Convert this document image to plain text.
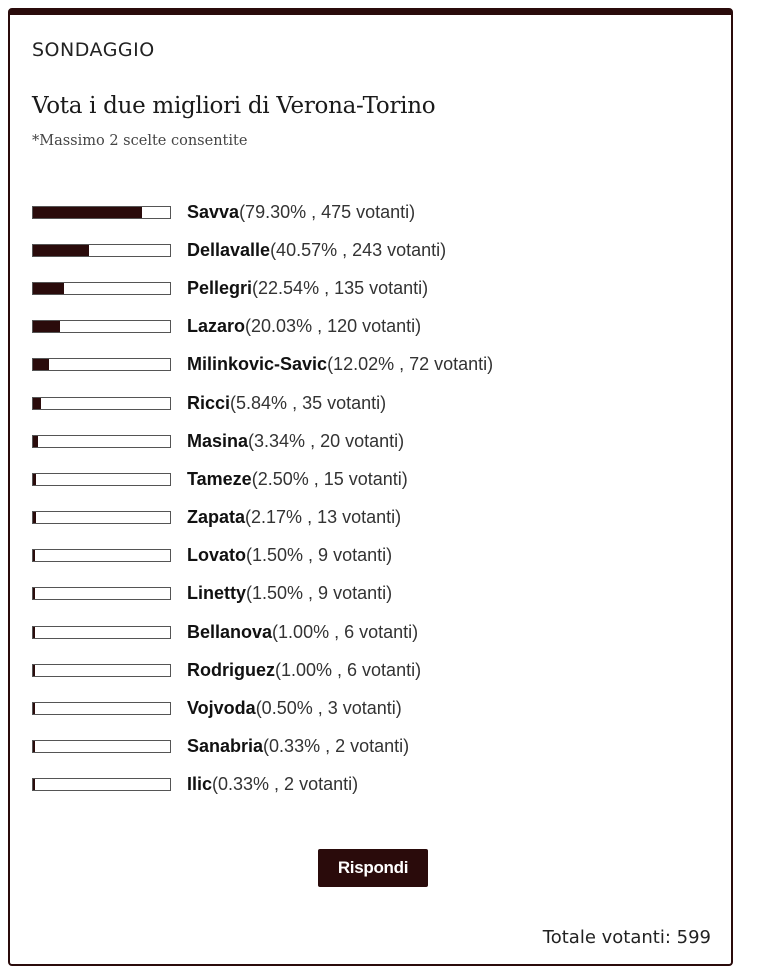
SONDAGGIO
Vota i due migliori di Verona-Torino
*Massimo 2 scelte consentite
Savva(79.30% , 475 votanti)
Dellavalle(40.57% , 243 votanti)
Pellegri(22.54% , 135 votanti)
Lazaro(20.03% , 120 votanti)
Milinkovic-Savic(12.02% , 72 votanti)
Ricci(5.84% , 35 votanti)
Masina(3.34% , 20 votanti)
Tameze(2.50% , 15 votanti)
Zapata(2.17% , 13 votanti)
Lovato(1.50% , 9 votanti)
Linetty(1.50% , 9 votanti)
Bellanova(1.00% , 6 votanti)
Rodriguez(1.00% , 6 votanti)
Vojvoda(0.50% , 3 votanti)
Sanabria(0.33% , 2 votanti)
Ilic(0.33% , 2 votanti)
Rispondi
Totale votanti: 599
